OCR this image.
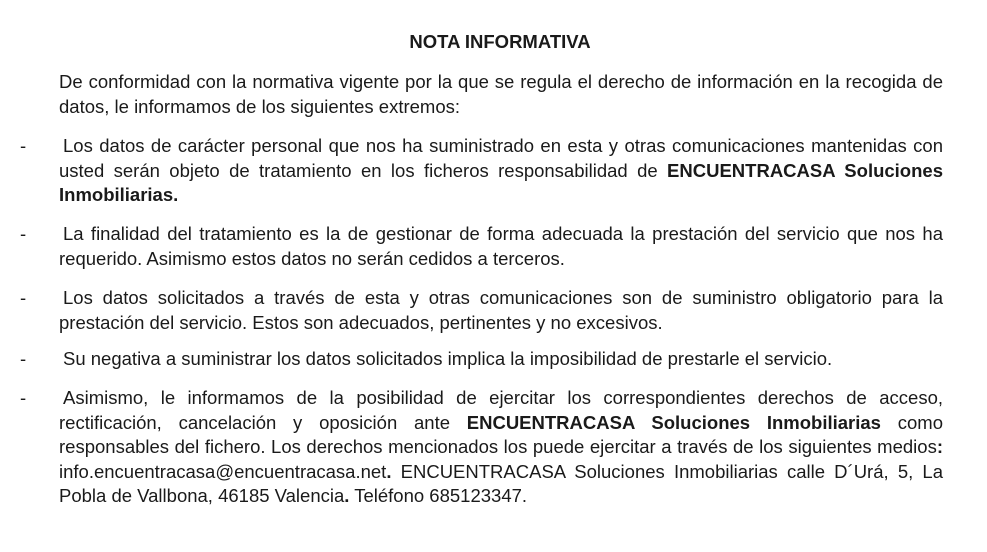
NOTA INFORMATIVA

De conformidad con la normativa vigente por la que se regula el derecho de información en la recogida de datos, le informamos de los siguientes extremos:

- Los datos de carácter personal que nos ha suministrado en esta y otras comunicaciones mantenidas con usted serán objeto de tratamiento en los ficheros responsabilidad de ENCUENTRACASA Soluciones Inmobiliarias.
- La finalidad del tratamiento es la de gestionar de forma adecuada la prestación del servicio que nos ha requerido. Asimismo estos datos no serán cedidos a terceros.
- Los datos solicitados a través de esta y otras comunicaciones son de suministro obligatorio para la prestación del servicio. Estos son adecuados, pertinentes y no excesivos.
- Su negativa a suministrar los datos solicitados implica la imposibilidad de prestarle el servicio.
- Asimismo, le informamos de la posibilidad de ejercitar los correspondientes derechos de acceso, rectificación, cancelación y oposición ante ENCUENTRACASA Soluciones Inmobiliarias como responsables del fichero. Los derechos mencionados los puede ejercitar a través de los siguientes medios: info.encuentracasa@encuentracasa.net. ENCUENTRACASA Soluciones Inmobiliarias calle D´Urá, 5, La Pobla de Vallbona, 46185 Valencia. Teléfono 685123347.
